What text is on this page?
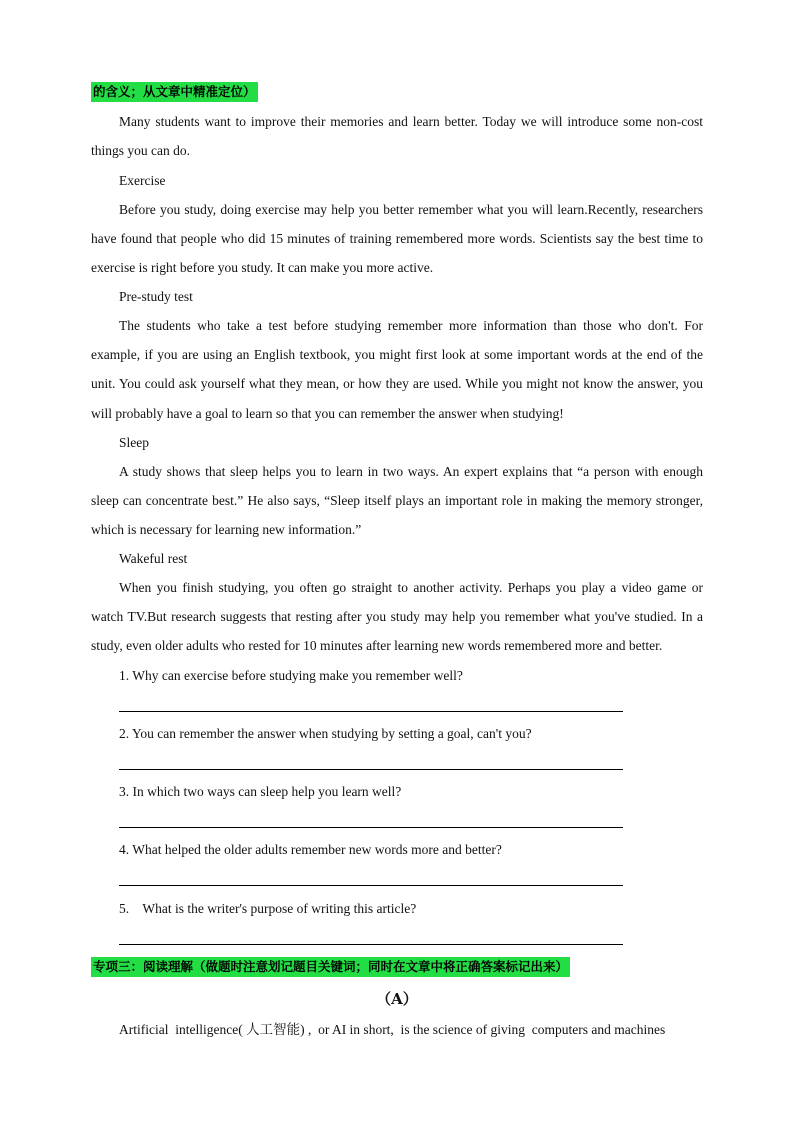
的含义；从文章中精准定位）

Many students want to improve their memories and learn better. Today we will introduce some non-cost things you can do.

Exercise

Before you study, doing exercise may help you better remember what you will learn.Recently, researchers have found that people who did 15 minutes of training remembered more words. Scientists say the best time to exercise is right before you study. It can make you more active.

Pre-study test

The students who take a test before studying remember more information than those who don't. For example, if you are using an English textbook, you might first look at some important words at the end of the unit. You could ask yourself what they mean, or how they are used. While you might not know the answer, you will probably have a goal to learn so that you can remember the answer when studying!

Sleep

A study shows that sleep helps you to learn in two ways. An expert explains that “a person with enough sleep can concentrate best.” He also says, “Sleep itself plays an important role in making the memory stronger, which is necessary for learning new information.”

Wakeful rest

When you finish studying, you often go straight to another activity. Perhaps you play a video game or watch TV.But research suggests that resting after you study may help you remember what you've studied. In a study, even older adults who rested for 10 minutes after learning new words remembered more and better.

1. Why can exercise before studying make you remember well?

2. You can remember the answer when studying by setting a goal, can't you?

3. In which two ways can sleep help you learn well?

4. What helped the older adults remember new words more and better?

5.    What is the writer's purpose of writing this article?

专项三：阅读理解（做题时注意划记题目关键词；同时在文章中将正确答案标记出来）
（A）

Artificial  intelligence( 人工智能) ,  or AI in short,  is the science of giving  computers and machines
